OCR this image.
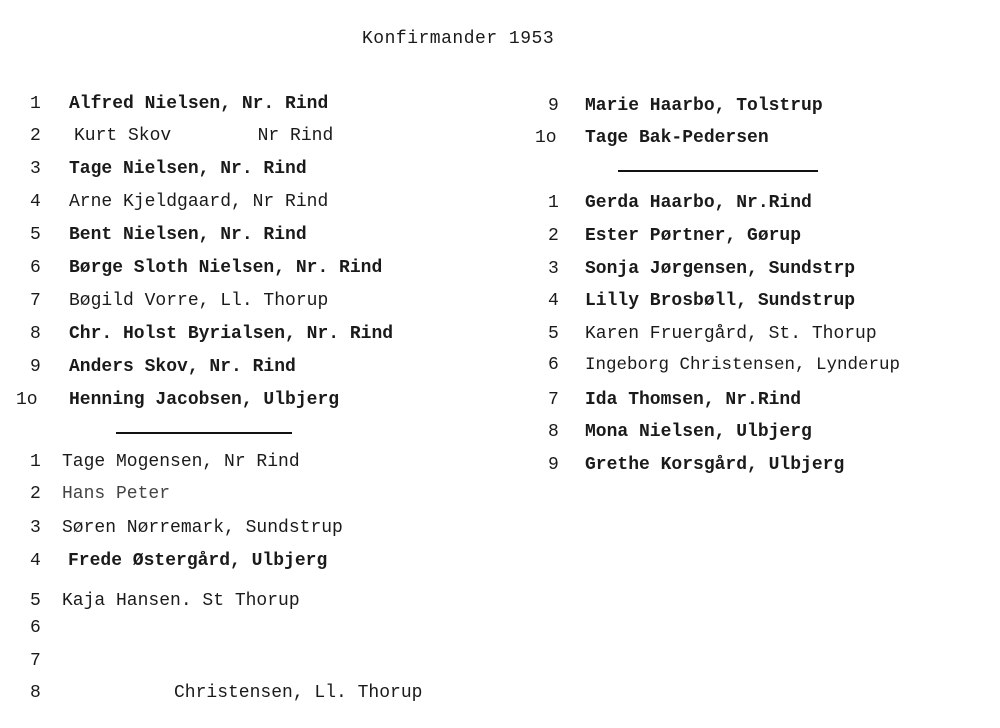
Konfirmander 1953
1	Alfred Nielsen, Nr. Rind
2	Kurt Skov        Nr Rind
3	Tage Nielsen, Nr. Rind
4	Arne Kjeldgaard, Nr Rind
5	Bent Nielsen, Nr. Rind
6	Børge Sloth Nielsen, Nr. Rind
7	Bøgild Vorre, Ll. Thorup
8	Chr. Holst Byrialsen, Nr. Rind
9	Anders Skov, Nr. Rind
1o	Henning Jacobsen, Ulbjerg
1	Tage Mogensen, Nr Rind
2	Hans Peter
3	Søren Nørremark, Sundstrup
4	Frede Østergård, Ulbjerg
5	Kaja Hansen. St Thorup
6
7
8	Christensen, Ll. Thorup
9	Marie Haarbo, Tolstrup
1o	Tage Bak-Pedersen
1	Gerda Haarbo, Nr.Rind
2	Ester Pørtner, Gørup
3	Sonja Jørgensen, Sundstrp
4	Lilly Brosbøll, Sundstrup
5	Karen Fruergård, St. Thorup
6	Ingeborg Christensen, Lynderup
7	Ida Thomsen, Nr.Rind
8	Mona Nielsen, Ulbjerg
9	Grethe Korsgård, Ulbjerg
